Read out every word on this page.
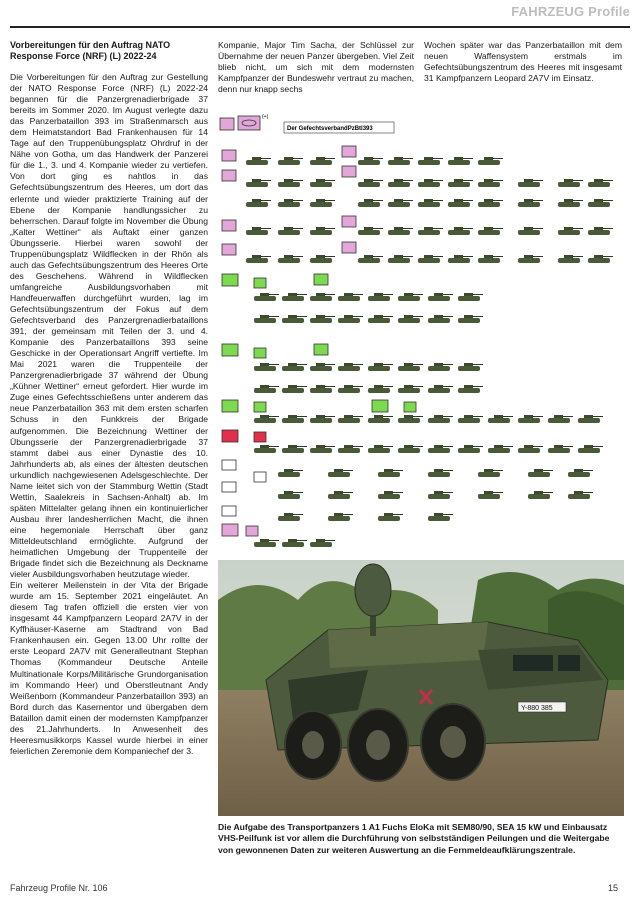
FAHRZEUG Profile

Vorbereitungen für den Auftrag NATO Response Force (NRF) (L) 2022-24

Die Vorbereitungen für den Auftrag zur Gestellung der NATO Response Force (NRF) (L) 2022-24 begannen für die Panzergrenadierbrigade 37 bereits im Sommer 2020. Im August verlegte dazu das Panzerbataillon 393 im Straßenmarsch aus dem Heimatstandort Bad Frankenhausen für 14 Tage auf den Truppenübungsplatz Ohrdruf in der Nähe von Gotha, um das Handwerk der Panzerei für die 1., 3. und 4. Kompanie wieder zu vertiefen. Von dort ging es nahtlos in das Gefechtsübungszentrum des Heeres, um dort das erlernte und wieder praktizierte Training auf der Ebene der Kompanie handlungssicher zu beherrschen. Darauf folgte im November die Übung „Kalter Wettiner“ als Auftakt einer ganzen Übungsserie. Hierbei waren sowohl der Truppenübungsplatz Wildflecken in der Rhön als auch das Gefechtsübungszentrum des Heeres Orte des Geschehens. Während in Wildflecken umfangreiche Ausbildungsvorhaben mit Handfeuerwaffen durchgeführt wurden, lag im Gefechtsübungszentrum der Fokus auf dem Gefechtsverband des Panzergrenadierbataillons 391, der gemeinsam mit Teilen der 3. und 4. Kompanie des Panzerbataillons 393 seine Geschicke in der Operationsart Angriff vertiefte. Im Mai 2021 waren die Truppenteile der Panzergrenadierbrigade 37 während der Übung „Kühner Wettiner“ erneut gefordert. Hier wurde im Zuge eines Gefechtsschießens unter anderem das neue Panzerbataillon 363 mit dem ersten scharfen Schuss in den Funkkreis der Brigade aufgenommen. Die Bezeichnung Wettiner der Übungsserie der Panzergrenadierbrigade 37 stammt dabei aus einer Dynastie des 10. Jahrhunderts ab, als eines der ältesten deutschen urkundlich nachgewiesenen Adelsgeschlechte. Der Name leitet sich von der Stammburg Wettin (Stadt Wettin, Saalekreis in Sachsen-Anhalt) ab. Im späten Mittelalter gelang ihnen ein kontinuierlicher Ausbau ihrer landesherrlichen Macht, die ihnen eine hegemoniale Herrschaft über ganz Mitteldeutschland ermöglichte. Aufgrund der heimatlichen Umgebung der Truppenteile der Brigade findet sich die Bezeichnung als Deckname vieler Ausbildungsvorhaben heutzutage wieder.

Ein weiterer Meilenstein in der Vita der Brigade wurde am 15. September 2021 eingeläutet. An diesem Tag trafen offiziell die ersten vier von insgesamt 44 Kampfpanzern Leopard 2A7V in der Kyffhäuser-Kaserne am Stadtrand von Bad Frankenhausen ein. Gegen 13.00 Uhr rollte der erste Leopard 2A7V mit Generalleutnant Stephan Thomas (Kommandeur Deutsche Anteile Multinationale Korps/Militärische Grundorganisation im Kommando Heer) und Oberstleutnant Andy Weißenborn (Kommandeur Panzerbataillon 393) an Bord durch das Kasernentor und übergaben dem Bataillon damit einen der modernsten Kampfpanzer des 21.Jahrhunderts. In Anwesenheit des Heeresmusikkorps Kassel wurde hierbei in einer feierlichen Zeremonie dem Kompaniechef der 3.

Kompanie, Major Tim Sacha, der Schlüssel zur Übernahme der neuen Panzer übergeben. Viel Zeit blieb nicht, um sich mit dem modernsten Kampfpanzer der Bundeswehr vertraut zu machen, denn nur knapp sechs

Wochen später war das Panzerbataillon mit dem neuen Waffensystem erstmals im Gefechtsübungszentrum des Heeres mit insgesamt 31 Kampfpanzern Leopard 2A7V im Einsatz.

(+)
Der GefechtsverbandPzBtl393
Y-880 385
Die Aufgabe des Transportpanzers 1 A1 Fuchs EloKa mit SEM80/90, SEA 15 kW und Einbausatz VHS-Peilfunk ist vor allem die Durchführung von selbstständigen Peilungen und die Weitergabe von gewonnenen Daten zur weiteren Auswertung an die Fernmeldeaufklärungszentrale.
Fahrzeug Profile Nr. 106	15
